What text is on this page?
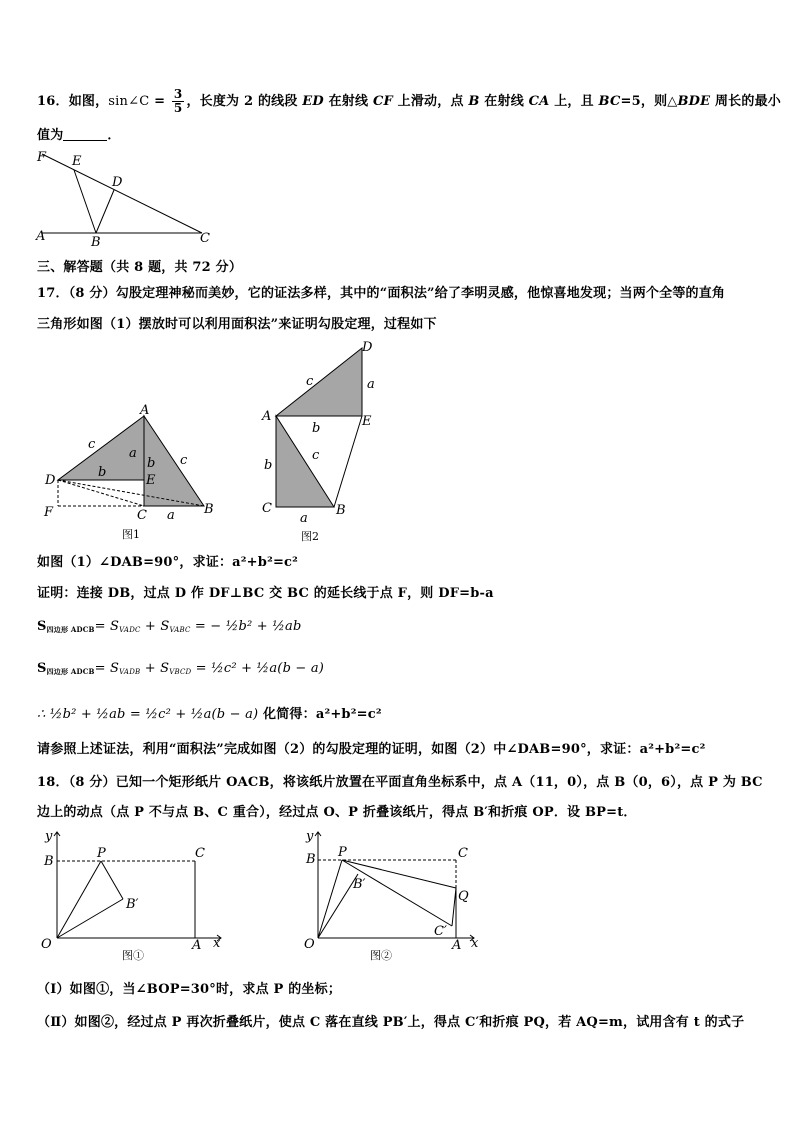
16．如图，sin∠C = $\frac{3}{5}$ ，长度为 2 的线段 ED 在射线 CF 上滑动，点 B 在射线 CA 上，且 BC=5，则△BDE 周长的最小
值为	．
F E
D
A	B	C
三、解答题（共 8 题，共 72 分）
17．（8 分）勾股定理神秘而美妙，它的证法多样，其中的“面积法”给了李明灵感，他惊喜地发现；当两个全等的直角
三角形如图（1）摆放时可以利用面积法”来证明勾股定理，过程如下
A
D	E
F	C	B
c
c
a
b
b
a
图1
D
A	E
C	B
c	a
b
b
c
a
图2
如图（1）∠DAB=90°，求证：a²+b²=c²
证明：连接 DB，过点 D 作 DF⊥BC 交 BC 的延长线于点 F，则 DF=b-a
$S_{四边形 ADCB}= S_{VADC} + S_{VABC}$ = − ½b² + ½ab
$S_{四边形 ADCB}= S_{VADB} + S_{VBCD}$ = ½c² + ½a(b − a)
∴ ½b² + ½ab = ½c² + ½a(b − a) 化简得：a²+b²=c²
请参照上述证法，利用“面积法”完成如图（2）的勾股定理的证明，如图（2）中∠DAB=90°，求证：a²+b²=c²
18．（8 分）已知一个矩形纸片 OACB，将该纸片放置在平面直角坐标系中，点 A（11，0），点 B（0，6），点 P 为 BC
边上的动点（点 P 不与点 B、C 重合），经过点 O、P 折叠该纸片，得点 B′和折痕 OP．设 BP=t．
y
x
B
P	C
B′
O	A
图①
y
x
B P	C
B′
Q
C′
O	A
图②
（Ⅰ）如图①，当∠BOP=30°时，求点 P 的坐标；
（Ⅱ）如图②，经过点 P 再次折叠纸片，使点 C 落在直线 PB′上，得点 C′和折痕 PQ，若 AQ=m，试用含有 t 的式子
